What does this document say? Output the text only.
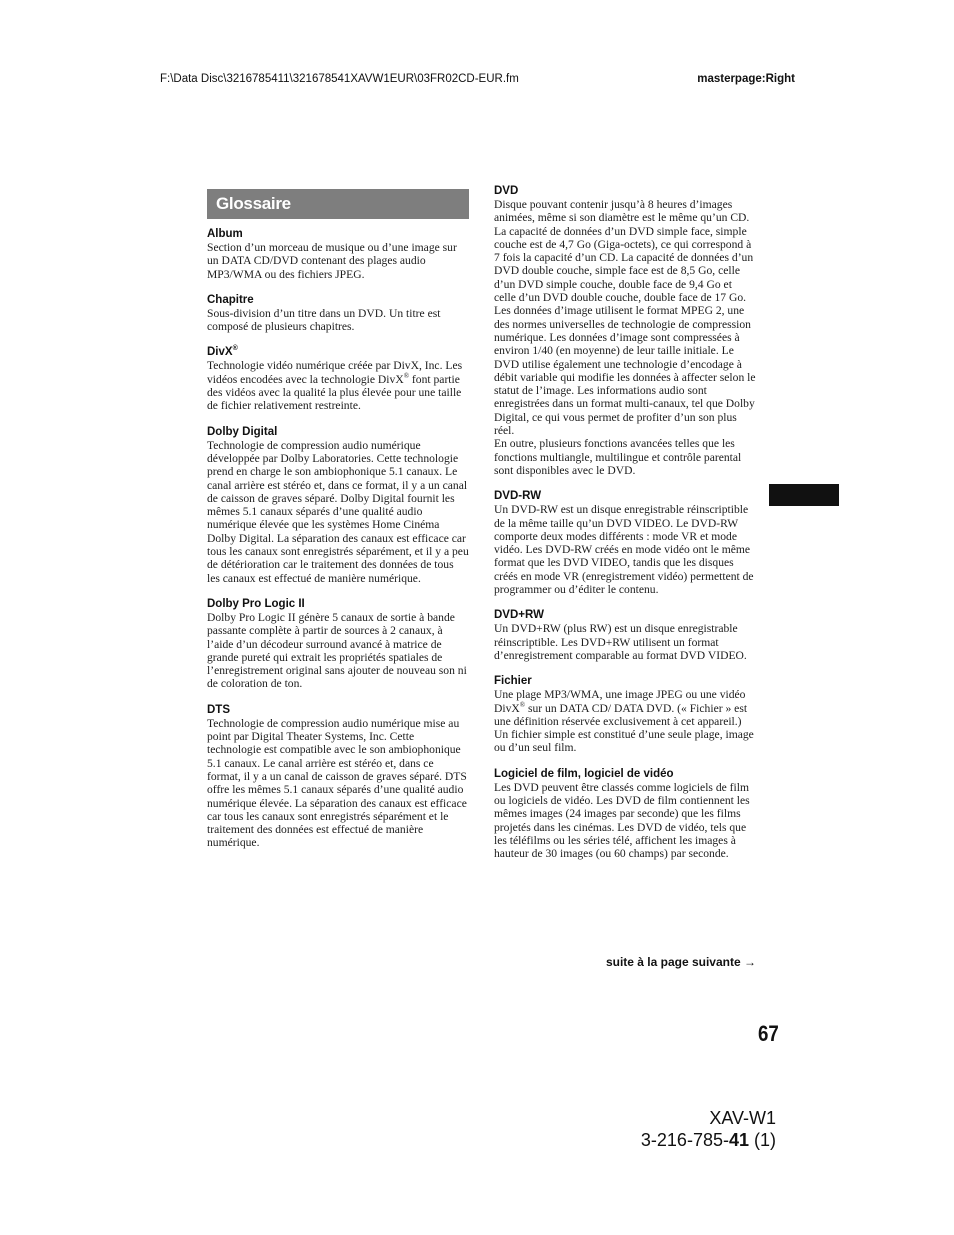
F:\Data Disc\3216785411\321678541XAVW1EUR\03FR02CD-EUR.fm	masterpage:Right
Glossaire
Album

Section d’un morceau de musique ou d’une image sur un DATA CD/DVD contenant des plages audio MP3/WMA ou des fichiers JPEG.

Chapitre

Sous-division d’un titre dans un DVD. Un titre est composé de plusieurs chapitres.

DivX®

Technologie vidéo numérique créée par DivX, Inc. Les vidéos encodées avec la technologie DivX® font partie des vidéos avec la qualité la plus élevée pour une taille de fichier relativement restreinte.

Dolby Digital

Technologie de compression audio numérique développée par Dolby Laboratories. Cette technologie prend en charge le son ambiophonique 5.1 canaux. Le canal arrière est stéréo et, dans ce format, il y a un canal de caisson de graves séparé. Dolby Digital fournit les mêmes 5.1 canaux séparés d’une qualité audio numérique élevée que les systèmes Home Cinéma Dolby Digital. La séparation des canaux est efficace car tous les canaux sont enregistrés séparément, et il y a peu de détérioration car le traitement des données de tous les canaux est effectué de manière numérique.

Dolby Pro Logic II

Dolby Pro Logic II génère 5 canaux de sortie à bande passante complète à partir de sources à 2 canaux, à l’aide d’un décodeur surround avancé à matrice de grande pureté qui extrait les propriétés spatiales de l’enregistrement original sans ajouter de nouveau son ni de coloration de ton.

DTS

Technologie de compression audio numérique mise au point par Digital Theater Systems, Inc. Cette technologie est compatible avec le son ambiophonique 5.1 canaux. Le canal arrière est stéréo et, dans ce format, il y a un canal de caisson de graves séparé. DTS offre les mêmes 5.1 canaux séparés d’une qualité audio numérique élevée. La séparation des canaux est efficace car tous les canaux sont enregistrés séparément et le traitement des données est effectué de manière numérique.

DVD

Disque pouvant contenir jusqu’à 8 heures d’images animées, même si son diamètre est le même qu’un CD.

La capacité de données d’un DVD simple face, simple couche est de 4,7 Go (Giga-octets), ce qui correspond à 7 fois la capacité d’un CD. La capacité de données d’un DVD double couche, simple face est de 8,5 Go, celle d’un DVD simple couche, double face de 9,4 Go et celle d’un DVD double couche, double face de 17 Go.

Les données d’image utilisent le format MPEG 2, une des normes universelles de technologie de compression numérique. Les données d’image sont compressées à environ 1/40 (en moyenne) de leur taille initiale. Le DVD utilise également une technologie d’encodage à débit variable qui modifie les données à affecter selon le statut de l’image. Les informations audio sont enregistrées dans un format multi-canaux, tel que Dolby Digital, ce qui vous permet de profiter d’un son plus réel.

En outre, plusieurs fonctions avancées telles que les fonctions multiangle, multilingue et contrôle parental sont disponibles avec le DVD.

DVD-RW

Un DVD-RW est un disque enregistrable réinscriptible de la même taille qu’un DVD VIDEO. Le DVD-RW comporte deux modes différents : mode VR et mode vidéo. Les DVD-RW créés en mode vidéo ont le même format que les DVD VIDEO, tandis que les disques créés en mode VR (enregistrement vidéo) permettent de programmer ou d’éditer le contenu.

DVD+RW

Un DVD+RW (plus RW) est un disque enregistrable réinscriptible. Les DVD+RW utilisent un format d’enregistrement comparable au format DVD VIDEO.

Fichier

Une plage MP3/WMA, une image JPEG ou une vidéo DivX® sur un DATA CD/ DATA DVD. (« Fichier » est une définition réservée exclusivement à cet appareil.) Un fichier simple est constitué d’une seule plage, image ou d’un seul film.

Logiciel de film, logiciel de vidéo

Les DVD peuvent être classés comme logiciels de film ou logiciels de vidéo. Les DVD de film contiennent les mêmes images (24 images par seconde) que les films projetés dans les cinémas. Les DVD de vidéo, tels que les téléfilms ou les séries télé, affichent les images à hauteur de 30 images (ou 60 champs) par seconde.

suite à la page suivante →
67
XAV-W1
3-216-785-41 (1)
